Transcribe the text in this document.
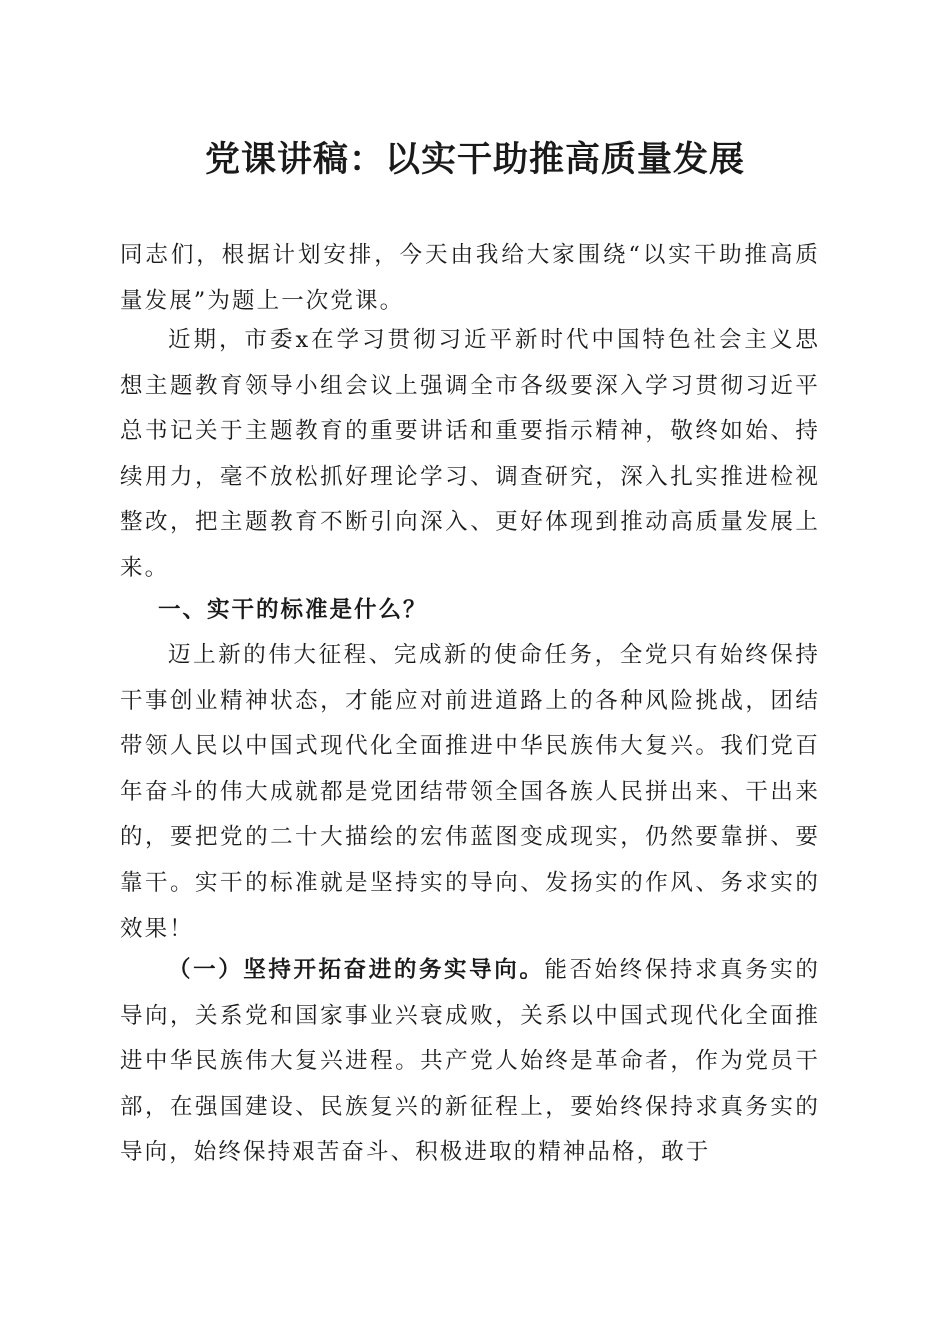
党课讲稿：以实干助推高质量发展

同志们，根据计划安排，今天由我给大家围绕“以实干助推高质量发展”为题上一次党课。

近期，市委x在学习贯彻习近平新时代中国特色社会主义思想主题教育领导小组会议上强调全市各级要深入学习贯彻习近平总书记关于主题教育的重要讲话和重要指示精神，敬终如始、持续用力，毫不放松抓好理论学习、调查研究，深入扎实推进检视整改，把主题教育不断引向深入、更好体现到推动高质量发展上来。

一、实干的标准是什么？

迈上新的伟大征程、完成新的使命任务，全党只有始终保持干事创业精神状态，才能应对前进道路上的各种风险挑战，团结带领人民以中国式现代化全面推进中华民族伟大复兴。我们党百年奋斗的伟大成就都是党团结带领全国各族人民拼出来、干出来的，要把党的二十大描绘的宏伟蓝图变成现实，仍然要靠拼、要靠干。实干的标准就是坚持实的导向、发扬实的作风、务求实的效果！

（一）坚持开拓奋进的务实导向。能否始终保持求真务实的导向，关系党和国家事业兴衰成败，关系以中国式现代化全面推进中华民族伟大复兴进程。共产党人始终是革命者，作为党员干部，在强国建设、民族复兴的新征程上，要始终保持求真务实的导向，始终保持艰苦奋斗、积极进取的精神品格，敢于
